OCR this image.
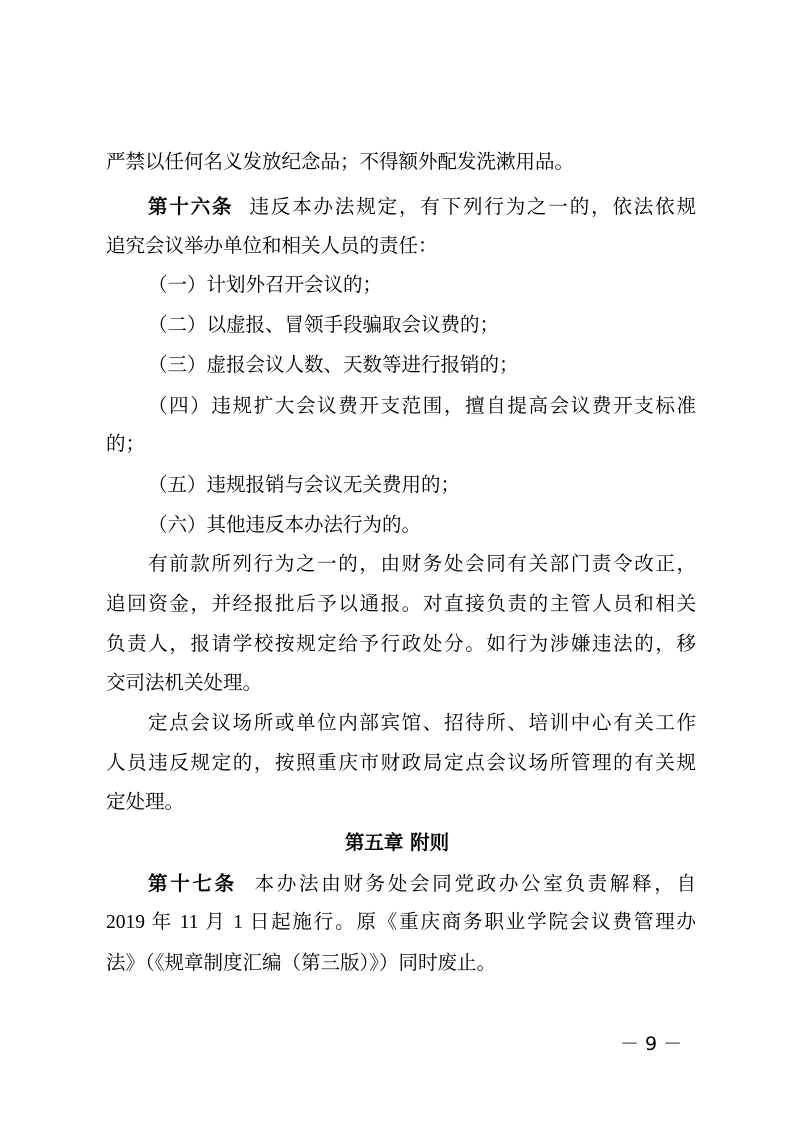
严禁以任何名义发放纪念品；不得额外配发洗漱用品。
第十六条 违反本办法规定，有下列行为之一的，依法依规
追究会议举办单位和相关人员的责任：
（一）计划外召开会议的；
（二）以虚报、冒领手段骗取会议费的；
（三）虚报会议人数、天数等进行报销的；
（四）违规扩大会议费开支范围，擅自提高会议费开支标准
的；
（五）违规报销与会议无关费用的；
（六）其他违反本办法行为的。
有前款所列行为之一的，由财务处会同有关部门责令改正，
追回资金，并经报批后予以通报。对直接负责的主管人员和相关
负责人，报请学校按规定给予行政处分。如行为涉嫌违法的，移
交司法机关处理。
定点会议场所或单位内部宾馆、招待所、培训中心有关工作
人员违反规定的，按照重庆市财政局定点会议场所管理的有关规
定处理。
第五章 附则
第十七条 本办法由财务处会同党政办公室负责解释，自
2019 年 11 月 1 日起施行。原《重庆商务职业学院会议费管理办
法》（《规章制度汇编（第三版）》）同时废止。
－ 9 －
